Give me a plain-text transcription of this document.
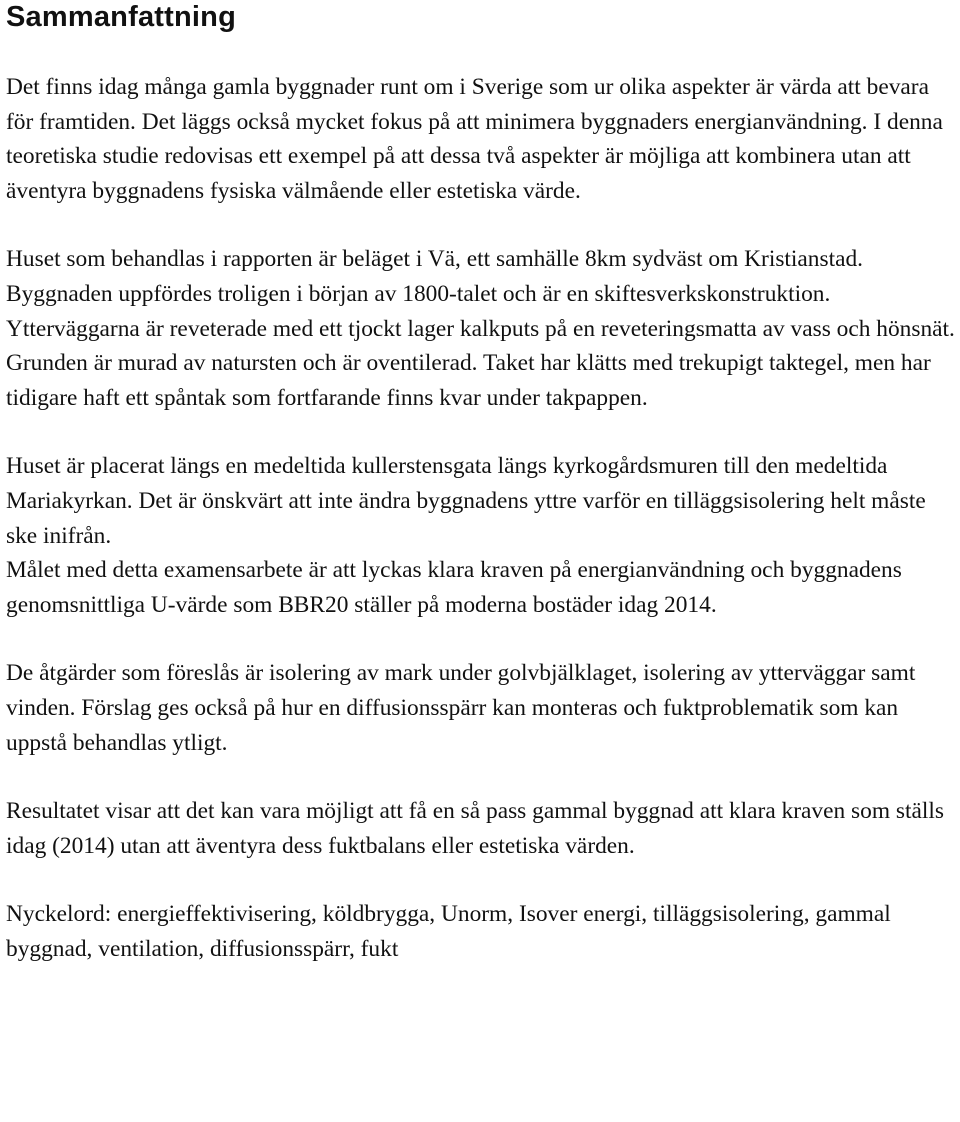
Sammanfattning

Det finns idag många gamla byggnader runt om i Sverige som ur olika aspekter är värda att bevara för framtiden. Det läggs också mycket fokus på att minimera byggnaders energianvändning. I denna teoretiska studie redovisas ett exempel på att dessa två aspekter är möjliga att kombinera utan att äventyra byggnadens fysiska välmående eller estetiska värde.

Huset som behandlas i rapporten är beläget i Vä, ett samhälle 8km sydväst om Kristianstad. Byggnaden uppfördes troligen i början av 1800-talet och är en skiftesverkskonstruktion. Ytterväggarna är reveterade med ett tjockt lager kalkputs på en reveteringsmatta av vass och hönsnät. Grunden är murad av natursten och är oventilerad. Taket har klätts med trekupigt taktegel, men har tidigare haft ett spåntak som fortfarande finns kvar under takpappen.

Huset är placerat längs en medeltida kullerstensgata längs kyrkogårdsmuren till den medeltida Mariakyrkan. Det är önskvärt att inte ändra byggnadens yttre varför en tilläggsisolering helt måste ske inifrån.

Målet med detta examensarbete är att lyckas klara kraven på energianvändning och byggnadens genomsnittliga U-värde som BBR20 ställer på moderna bostäder idag 2014.

De åtgärder som föreslås är isolering av mark under golvbjälklaget, isolering av ytterväggar samt vinden. Förslag ges också på hur en diffusionsspärr kan monteras och fuktproblematik som kan uppstå behandlas ytligt.

Resultatet visar att det kan vara möjligt att få en så pass gammal byggnad att klara kraven som ställs idag (2014) utan att äventyra dess fuktbalans eller estetiska värden.

Nyckelord: energieffektivisering, köldbrygga, Unorm, Isover energi, tilläggsisolering, gammal byggnad, ventilation, diffusionsspärr, fukt
